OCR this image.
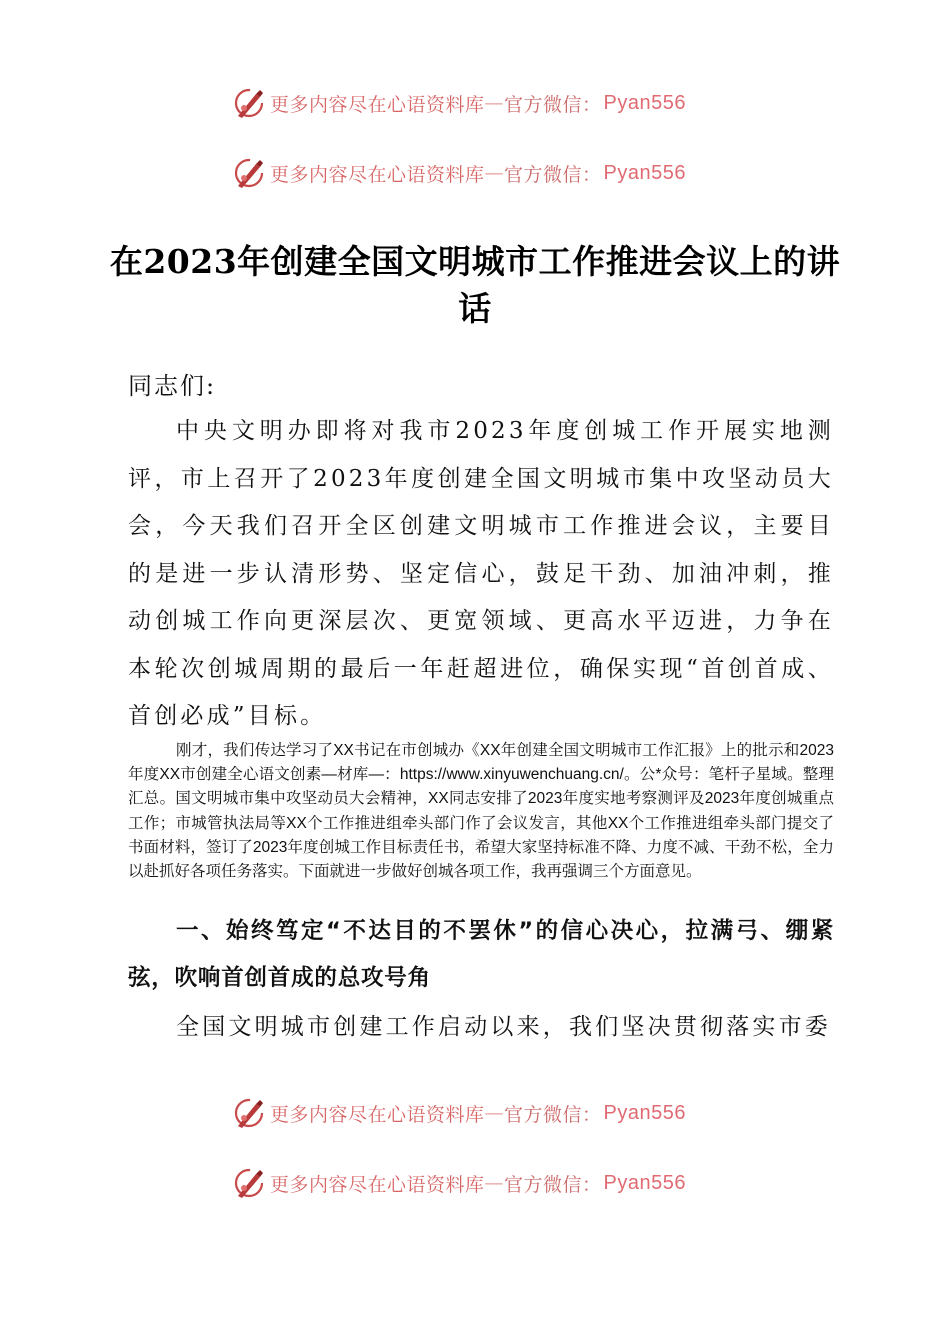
更多内容尽在心语资料库 — 官方微信： Pyan556
更多内容尽在心语资料库 — 官方微信： Pyan556
在2023年创建全国文明城市工作推进会议上的讲话
同志们:

中央文明办即将对我市2023年度创城工作开展实地测评，市上召开了2023年度创建全国文明城市集中攻坚动员大会，今天我们召开全区创建文明城市工作推进会议，主要目的是进一步认清形势、坚定信心，鼓足干劲、加油冲刺，推动创城工作向更深层次、更宽领域、更高水平迈进，力争在本轮次创城周期的最后一年赶超进位，确保实现“首创首成、首创必成”目标。

刚才，我们传达学习了XX书记在市创城办《XX年创建全国文明城市工作汇报》上的批示和2023年度XX市创建全心语文创素—材库—：https://www.xinyuwenchuang.cn/。公*众号：笔杆子星域。整理汇总。国文明城市集中攻坚动员大会精神，XX同志安排了2023年度实地考察测评及2023年度创城重点工作；市城管执法局等XX个工作推进组牵头部门作了会议发言，其他XX个工作推进组牵头部门提交了书面材料，签订了2023年度创城工作目标责任书，希望大家坚持标准不降、力度不减、干劲不松，全力以赴抓好各项任务落实。下面就进一步做好创城各项工作，我再强调三个方面意见。

一、始终笃定“不达目的不罢休”的信心决心，拉满弓、绷紧弦，吹响首创首成的总攻号角

全国文明城市创建工作启动以来，我们坚决贯彻落实市委

更多内容尽在心语资料库 — 官方微信： Pyan556
更多内容尽在心语资料库 — 官方微信： Pyan556
